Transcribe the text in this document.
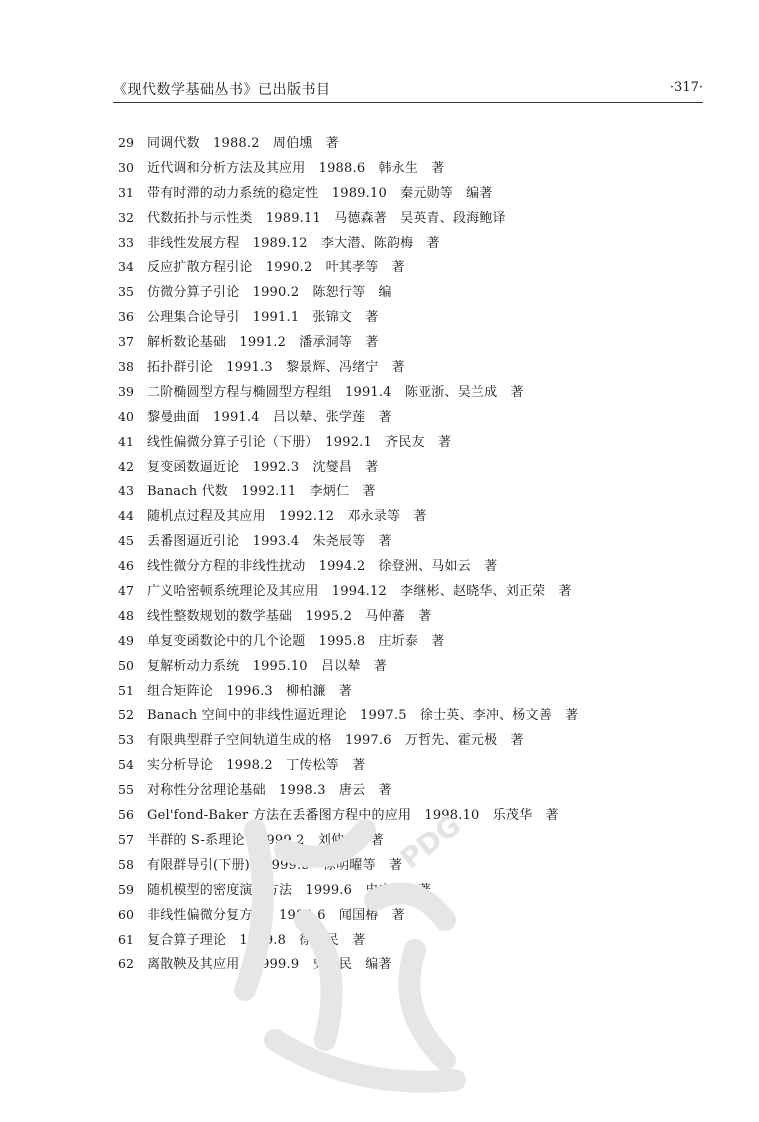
《现代数学基础丛书》已出版书目	·317·
29 同调代数　1988.2　周伯壎　著
30 近代调和分析方法及其应用　1988.6　韩永生　著
31 带有时滞的动力系统的稳定性　1989.10　秦元勋等　编著
32 代数拓扑与示性类　1989.11　马德森著　吴英青、段海鲍译
33 非线性发展方程　1989.12　李大潜、陈韵梅　著
34 反应扩散方程引论　1990.2　叶其孝等　著
35 仿微分算子引论　1990.2　陈恕行等　编
36 公理集合论导引　1991.1　张锦文　著
37 解析数论基础　1991.2　潘承洞等　著
38 拓扑群引论　1991.3　黎景辉、冯绪宁　著
39 二阶椭圆型方程与椭圆型方程组　1991.4　陈亚浙、吴兰成　著
40 黎曼曲面　1991.4　吕以辇、张学莲　著
41 线性偏微分算子引论（下册）　1992.1　齐民友　著
42 复变函数逼近论　1992.3　沈燮昌　著
43 Banach 代数　1992.11　李炳仁　著
44 随机点过程及其应用　1992.12　邓永录等　著
45 丢番图逼近引论　1993.4　朱尧辰等　著
46 线性微分方程的非线性扰动　1994.2　徐登洲、马如云　著
47 广义哈密顿系统理论及其应用　1994.12　李继彬、赵晓华、刘正荣　著
48 线性整数规划的数学基础　1995.2　马仲蕃　著
49 单复变函数论中的几个论题　1995.8　庄圻泰　著
50 复解析动力系统　1995.10　吕以辇　著
51 组合矩阵论　1996.3　柳柏濂　著
52 Banach 空间中的非线性逼近理论　1997.5　徐士英、李冲、杨文善　著
53 有限典型群子空间轨道生成的格　1997.6　万哲先、霍元极　著
54 实分析导论　1998.2　丁传松等　著
55 对称性分岔理论基础　1998.3　唐云　著
56 Gel'fond-Baker 方法在丢番图方程中的应用　1998.10　乐茂华　著
57 半群的 S-系理论　1999.2　刘仲奎　著
58 有限群导引(下册)　1999.5　徐明曜等　著
59 随机模型的密度演化方法　1999.6　史定华　著
60 非线性偏微分复方程　1999.6　闻国椿　著
61 复合算子理论　1999.8　徐宪民　著
62 离散鞅及其应用　1999.9　史及民　编著
PDG
